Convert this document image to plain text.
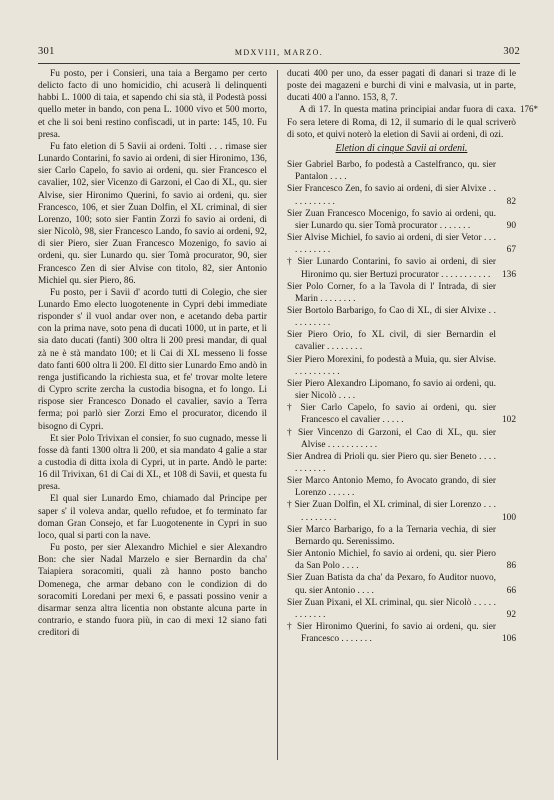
301	MDXVIII, MARZO.	302

Fu posto, per i Consieri, una taia a Bergamo per certo delicto facto di uno homicidio, chi acuserà li delinquenti habbi L. 1000 di taia, et sapendo chi sia stà, il Podestà possi quello meter in bando, con pena L. 1000 vivo et 500 morto, et che li soi beni restino confiscadi, ut in parte: 145, 10. Fu presa.

Fu fato eletion di 5 Savii ai ordeni. Tolti . . . rimase sier Lunardo Contarini, fo savio ai ordeni, di sier Hironimo, 136, sier Carlo Capelo, fo savio ai ordeni, qu. sier Francesco el cavalier, 102, sier Vicenzo di Garzoni, el Cao di XL, qu. sier Alvise, sier Hironimo Querini, fo savio ai ordeni, qu. sier Francesco, 106, et sier Zuan Dolfin, el XL criminal, di sier Lorenzo, 100; soto sier Fantin Zorzi fo savio ai ordeni, di sier Nicolò, 98, sier Francesco Lando, fo savio ai ordeni, 92, di sier Piero, sier Zuan Francesco Mozenigo, fo savio ai ordeni, qu. sier Lunardo qu. sier Tomà procurator, 90, sier Francesco Zen di sier Alvise con titolo, 82, sier Antonio Michiel qu. sier Piero, 86.

Fu posto, per i Savii d' acordo tutti di Colegio, che sier Lunardo Emo electo luogotenente in Cypri debi immediate risponder s' il vuol andar over non, e acetando deba partir con la prima nave, soto pena di ducati 1000, ut in parte, et li sia dato ducati (fanti) 300 oltra li 200 presi mandar, di qual zà ne è stà mandato 100; et li Cai di XL messeno li fosse dato fanti 600 oltra li 200. El ditto sier Lunardo Emo andò in renga justificando la richiesta sua, et fe' trovar molte letere di Cypro scrite zercha la custodia bisogna, et fo longo. Li rispose sier Francesco Donado el cavalier, savio a Terra ferma; poi parlò sier Zorzi Emo el procurator, dicendo il bisogno di Cypri.

Et sier Polo Trivixan el consier, fo suo cugnado, messe li fosse dà fanti 1300 oltra li 200, et sia mandato 4 galie a star a custodia di ditta ixola di Cypri, ut in parte. Andò le parte: 16 dil Trivixan, 61 di Cai di XL, et 108 di Savii, et questa fu presa.

El qual sier Lunardo Emo, chiamado dal Principe per saper s' il voleva andar, quello refudoe, et fo terminato far doman Gran Consejo, et far Luogotenente in Cypri in suo loco, qual si parti con la nave.

Fu posto, per sier Alexandro Michiel e sier Alexandro Bon: che sier Nadal Marzelo e sier Bernardin da cha' Taiapiera soracomiti, quali zà hanno posto bancho Domenega, che armar debano con le condizion di do soracomiti Loredani per mexi 6, e passati possino venir a disarmar senza altra licentia non obstante alcuna parte in contrario, e stando fuora più, in cao di mexi 12 siano fati creditori di

176*

ducati 400 per uno, da esser pagati di danari si traze di le poste dei magazeni e burchi di vini e malvasia, ut in parte, ducati 400 a l'anno. 153, 8, 7.

A dì 17. In questa matina principiai andar fuora di caxa. Fo sera letere di Roma, di 12, il sumario di le qual scriverò di soto, et quivi noterò la eletion di Savii ai ordeni, di ozi.

Eletion di cinque Savii ai ordeni.
Sier Gabriel Barbo, fo podestà a Castelfranco, qu. sier Pantalon . . . .
Sier Francesco Zen, fo savio ai ordeni, di sier Alvixe . . . . . . . . . . .	82
Sier Zuan Francesco Mocenigo, fo savio ai ordeni, qu. sier Lunardo qu. sier Tomà procurator . . . . . . .	90
Sier Alvise Michiel, fo savio ai ordeni, di sier Vetor . . . . . . . . . . .	67
† Sier Lunardo Contarini, fo savio ai ordeni, di sier Hironimo qu. sier Bertuzi procurator . . . . . . . . . . .	136
Sier Polo Corner, fo a la Tavola di l' Intrada, di sier Marin . . . . . . . .
Sier Bortolo Barbarigo, fo Cao di XL, di sier Alvixe . . . . . . . . . .
Sier Piero Orio, fo XL civil, di sier Bernardin el cavalier . . . . . . . .
Sier Piero Morexini, fo podestà a Muia, qu. sier Alvise. . . . . . . . . . .
Sier Piero Alexandro Lipomano, fo savio ai ordeni, qu. sier Nicolò . . . .
† Sier Carlo Capelo, fo savio ai ordeni, qu. sier Francesco el cavalier . . . . .	102
† Sier Vincenzo di Garzoni, el Cao di XL, qu. sier Alvise . . . . . . . . . . .
Sier Andrea di Prioli qu. sier Piero qu. sier Beneto . . . . . . . . . . .
Sier Marco Antonio Memo, fo Avocato grando, di sier Lorenzo . . . . . .
† Sier Zuan Dolfin, el XL criminal, di sier Lorenzo . . . . . . . . . . .	100
Sier Marco Barbarigo, fo a la Ternaria vechia, di sier Bernardo qu. Serenissimo.
Sier Antonio Michiel, fo savio ai ordeni, qu. sier Piero da San Polo . . . .	86
Sier Zuan Batista da cha' da Pexaro, fo Auditor nuovo, qu. sier Antonio . . . .	66
Sier Zuan Pixani, el XL criminal, qu. sier Nicolò . . . . . . . . . . . .	92
† Sier Hironimo Querini, fo savio ai ordeni, qu. sier Francesco . . . . . . .	106
